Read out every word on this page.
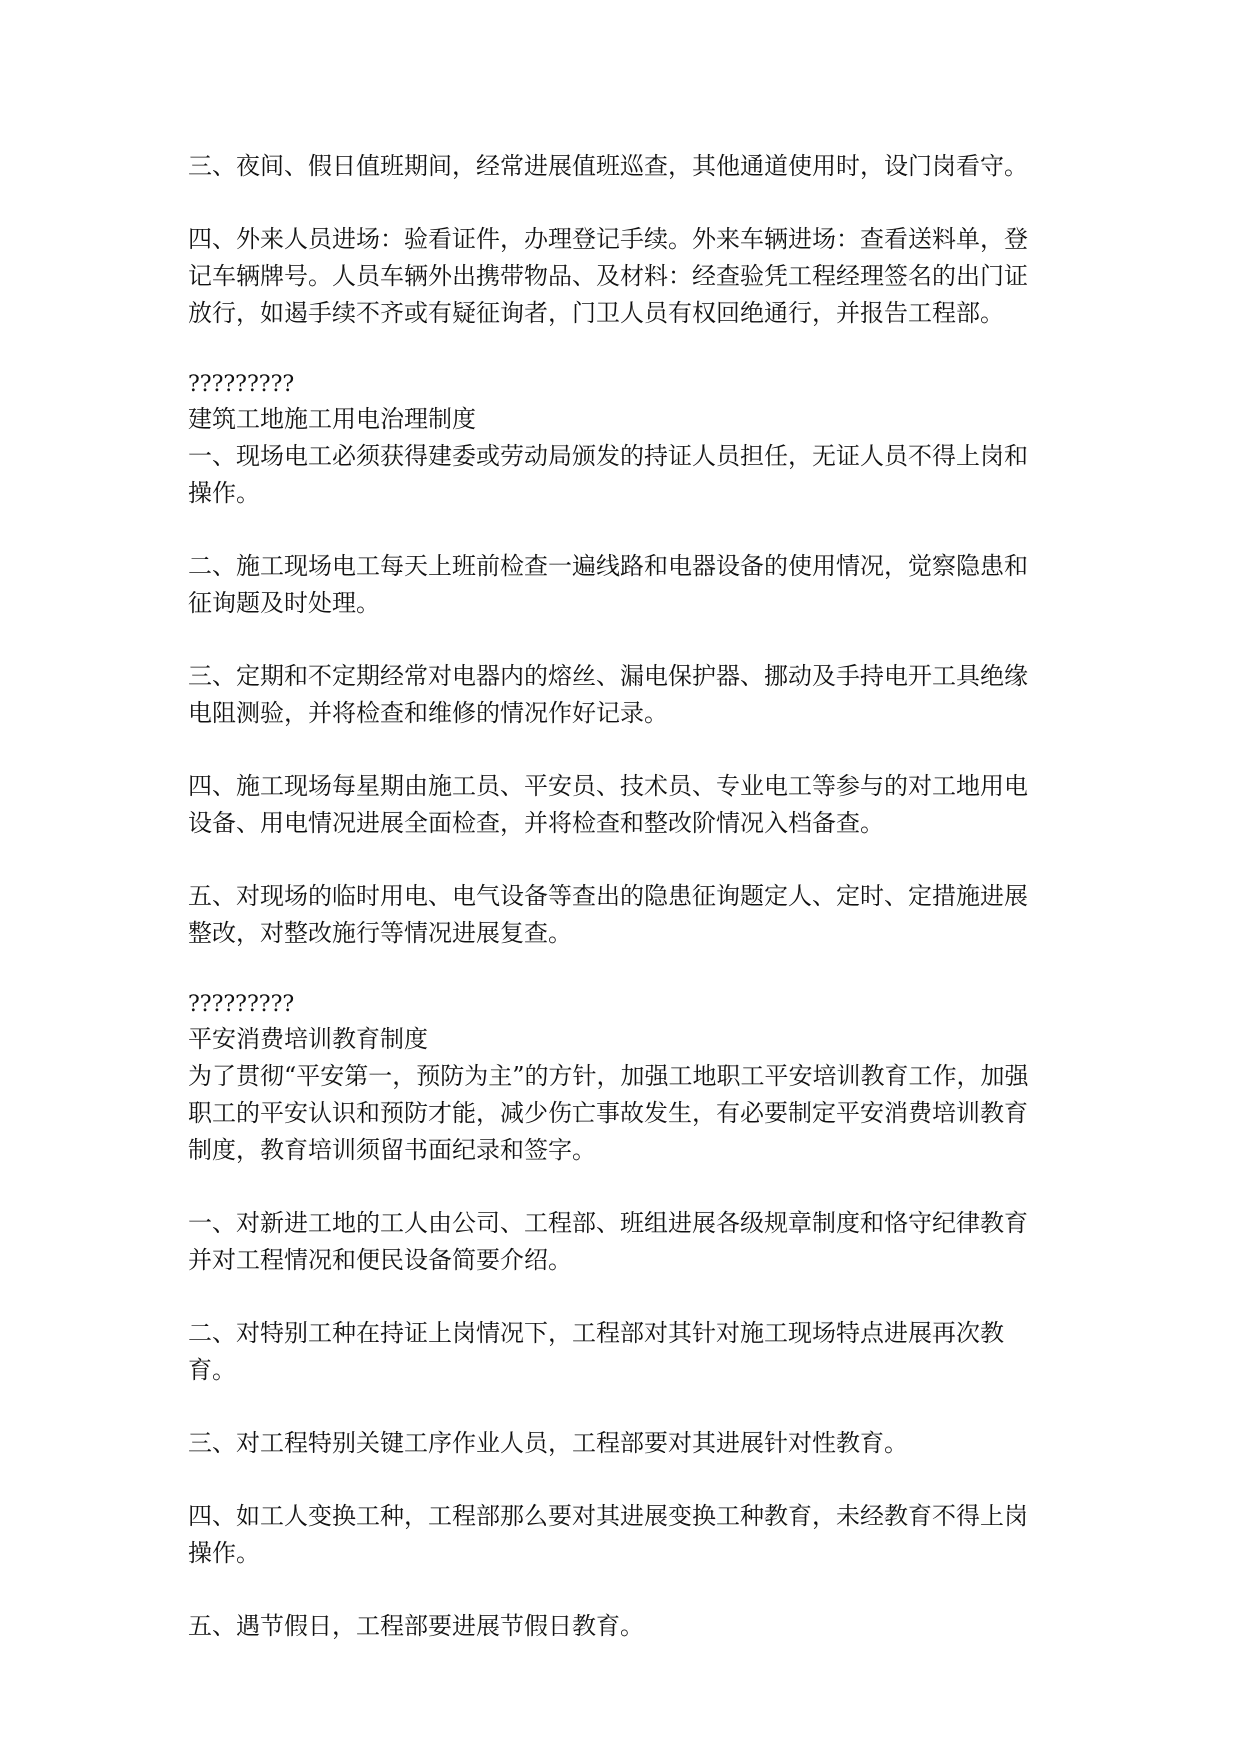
三、夜间、假日值班期间，经常进展值班巡查，其他通道使用时，设门岗看守。

四、外来人员进场：验看证件，办理登记手续。外来车辆进场：查看送料单，登记车辆牌号。人员车辆外出携带物品、及材料：经查验凭工程经理签名的出门证放行，如遏手续不齐或有疑征询者，门卫人员有权回绝通行，并报告工程部。

?????????

建筑工地施工用电治理制度

一、现场电工必须获得建委或劳动局颁发的持证人员担任，无证人员不得上岗和操作。

二、施工现场电工每天上班前检查一遍线路和电器设备的使用情况，觉察隐患和征询题及时处理。

三、定期和不定期经常对电器内的熔丝、漏电保护器、挪动及手持电开工具绝缘电阻测验，并将检查和维修的情况作好记录。

四、施工现场每星期由施工员、平安员、技术员、专业电工等参与的对工地用电设备、用电情况进展全面检查，并将检查和整改阶情况入档备查。

五、对现场的临时用电、电气设备等查出的隐患征询题定人、定时、定措施进展整改，对整改施行等情况进展复查。

?????????

平安消费培训教育制度

为了贯彻“平安第一，预防为主”的方针，加强工地职工平安培训教育工作，加强职工的平安认识和预防才能，减少伤亡事故发生，有必要制定平安消费培训教育制度，教育培训须留书面纪录和签字。

一、对新进工地的工人由公司、工程部、班组进展各级规章制度和恪守纪律教育并对工程情况和便民设备简要介绍。

二、对特别工种在持证上岗情况下，工程部对其针对施工现场特点进展再次教育。

三、对工程特别关键工序作业人员，工程部要对其进展针对性教育。

四、如工人变换工种，工程部那么要对其进展变换工种教育，未经教育不得上岗操作。

五、遇节假日，工程部要进展节假日教育。
